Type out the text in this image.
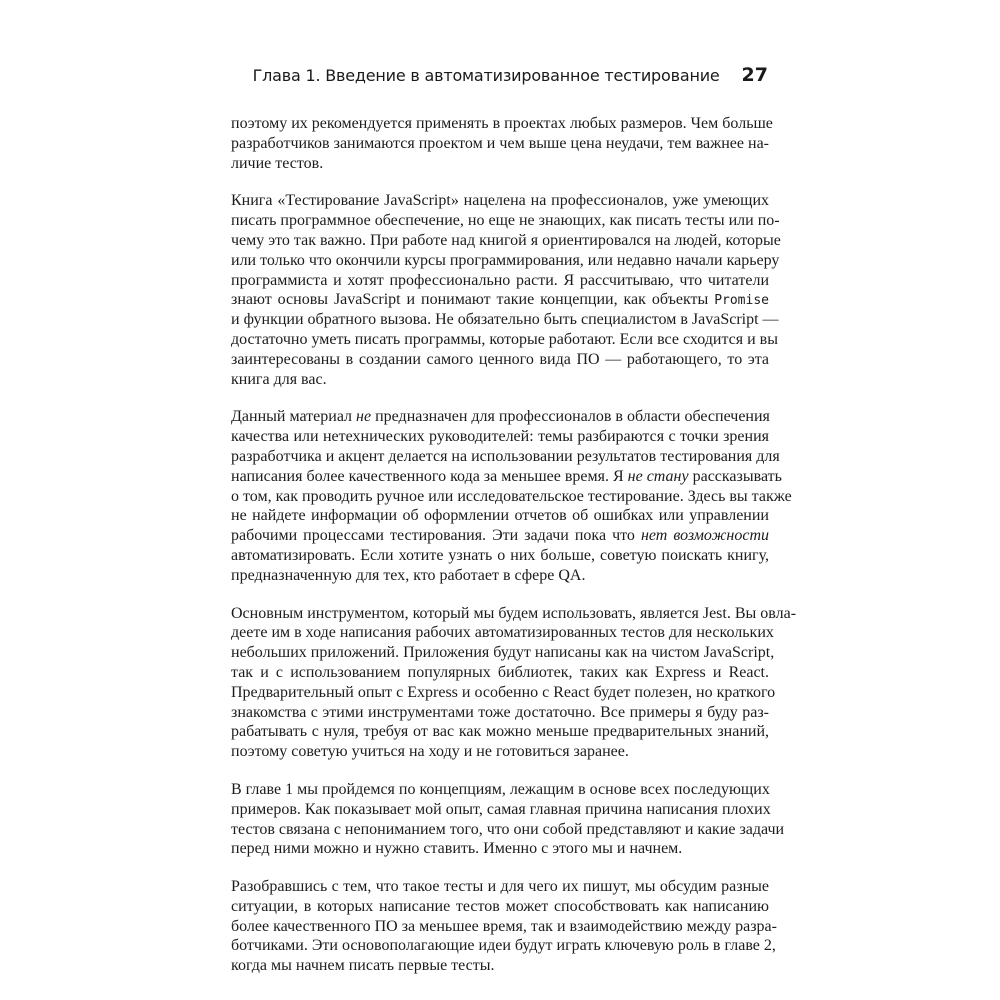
Глава 1. Введение в автоматизированное тестирование 27
поэтому их рекомендуется применять в проектах любых размеров. Чем больше
разработчиков занимаются проектом и чем выше цена неудачи, тем важнее на-
личие тестов.
Книга «Тестирование JavaScript» нацелена на профессионалов, уже умеющих
писать программное обеспечение, но еще не знающих, как писать тесты или по-
чему это так важно. При работе над книгой я ориентировался на людей, которые
или только что окончили курсы программирования, или недавно начали карьеру
программиста и хотят профессионально расти. Я рассчитываю, что читатели
знают основы JavaScript и понимают такие концепции, как объекты Promise
и функции обратного вызова. Не обязательно быть специалистом в JavaScript —
достаточно уметь писать программы, которые работают. Если все сходится и вы
заинтересованы в создании самого ценного вида ПО — работающего, то эта
книга для вас.
Данный материал не предназначен для профессионалов в области обеспечения
качества или нетехнических руководителей: темы разбираются с точки зрения
разработчика и акцент делается на использовании результатов тестирования для
написания более качественного кода за меньшее время. Я не стану рассказывать
о том, как проводить ручное или исследовательское тестирование. Здесь вы также
не найдете информации об оформлении отчетов об ошибках или управлении
рабочими процессами тестирования. Эти задачи пока что нет возможности
автоматизировать. Если хотите узнать о них больше, советую поискать книгу,
предназначенную для тех, кто работает в сфере QA.
Основным инструментом, который мы будем использовать, является Jest. Вы овла-
деете им в ходе написания рабочих автоматизированных тестов для нескольких
небольших приложений. Приложения будут написаны как на чистом JavaScript,
так и с использованием популярных библиотек, таких как Express и React.
Предварительный опыт с Express и особенно с React будет полезен, но краткого
знакомства с этими инструментами тоже достаточно. Все примеры я буду раз-
рабатывать с нуля, требуя от вас как можно меньше предварительных знаний,
поэтому советую учиться на ходу и не готовиться заранее.
В главе 1 мы пройдемся по концепциям, лежащим в основе всех последующих
примеров. Как показывает мой опыт, самая главная причина написания плохих
тестов связана с непониманием того, что они собой представляют и какие задачи
перед ними можно и нужно ставить. Именно с этого мы и начнем.
Разобравшись с тем, что такое тесты и для чего их пишут, мы обсудим разные
ситуации, в которых написание тестов может способствовать как написанию
более качественного ПО за меньшее время, так и взаимодействию между разра-
ботчиками. Эти основополагающие идеи будут играть ключевую роль в главе 2,
когда мы начнем писать первые тесты.
